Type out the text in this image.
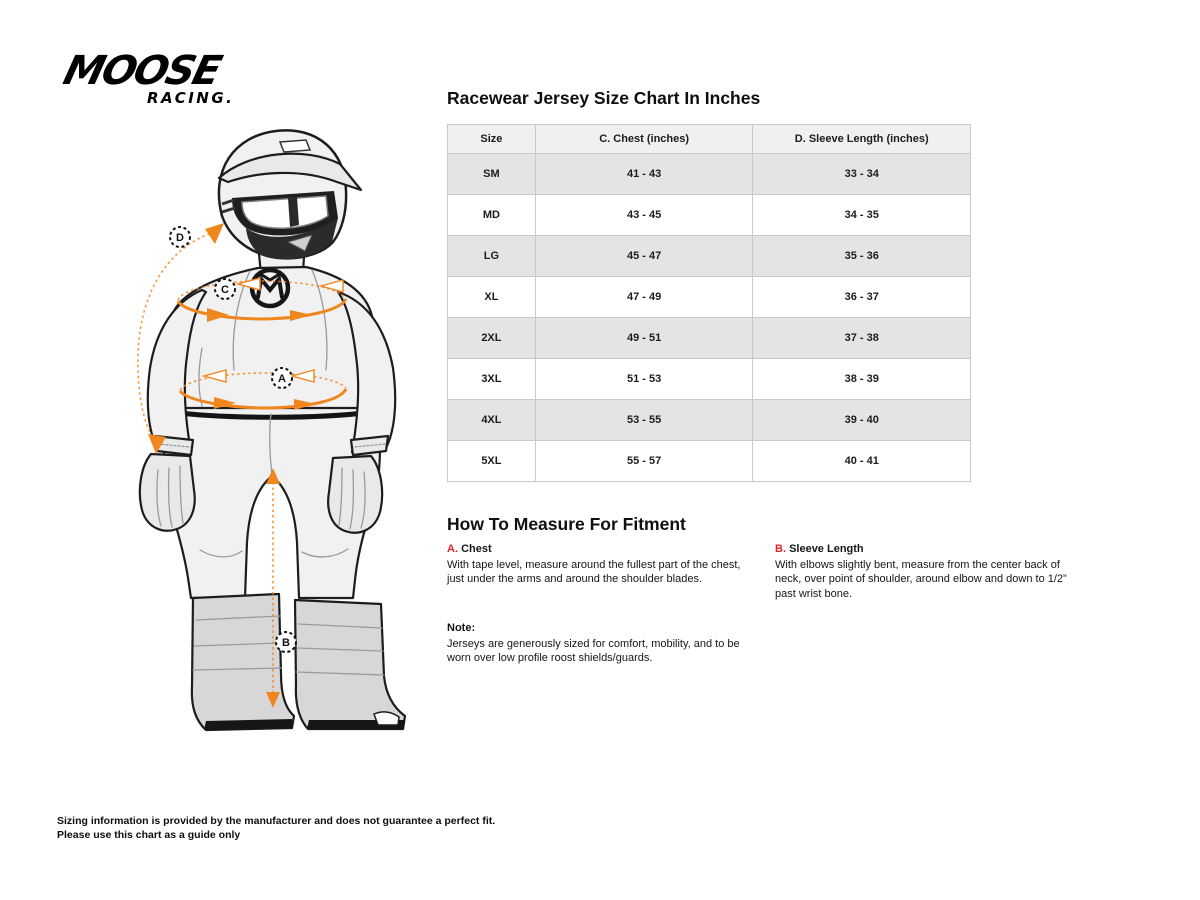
MOOSE
RACING.
D
C
A
B
Racewear Jersey Size Chart In Inches
Size	C. Chest (inches)	D. Sleeve Length (inches)
SM	41 - 43	33 - 34
MD	43 - 45	34 - 35
LG	45 - 47	35 - 36
XL	47 - 49	36 - 37
2XL	49 - 51	37 - 38
3XL	51 - 53	38 - 39
4XL	53 - 55	39 - 40
5XL	55 - 57	40 - 41
How To Measure For Fitment
A. Chest

With tape level, measure around the fullest part of the chest, just under the arms and around the shoulder blades.

B. Sleeve Length

With elbows slightly bent, measure from the center back of neck, over point of shoulder, around elbow and down to 1/2” past wrist bone.

Note:

Jerseys are generously sized for comfort, mobility, and to be worn over low profile roost shields/guards.

Sizing information is provided by the manufacturer and does not guarantee a perfect fit.
Please use this chart as a guide only
